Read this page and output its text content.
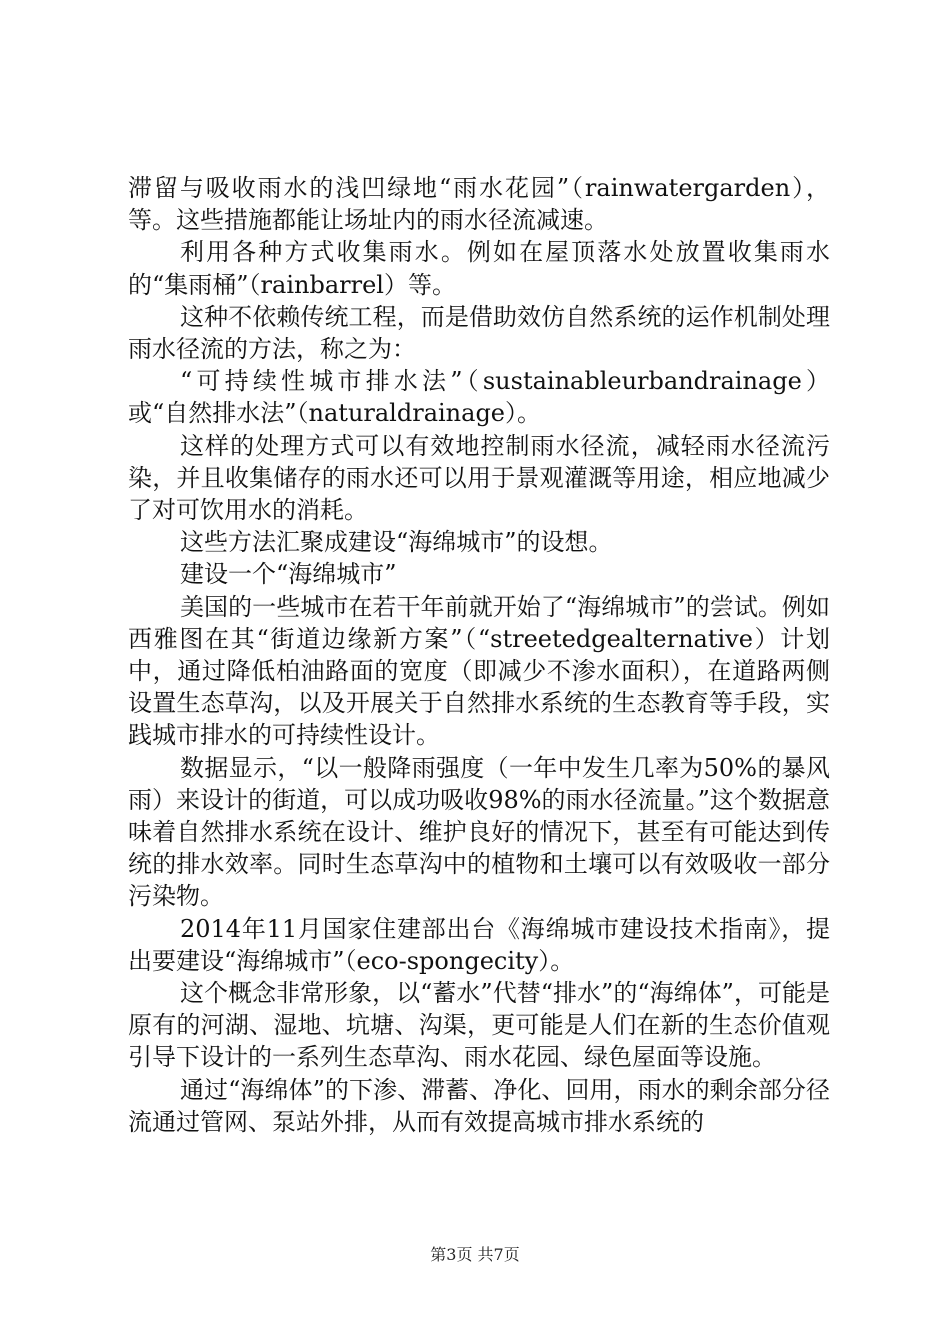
滞留与吸收雨水的浅凹绿地“雨水花园”（rainwatergarden），等。这些措施都能让场址内的雨水径流减速。

利用各种方式收集雨水。例如在屋顶落水处放置收集雨水的“集雨桶”（rainbarrel）等。

这种不依赖传统工程，而是借助效仿自然系统的运作机制处理雨水径流的方法，称之为：

“可持续性城市排水法”（sustainableurbandrainage）或“自然排水法”（naturaldrainage）。

这样的处理方式可以有效地控制雨水径流，减轻雨水径流污染，并且收集储存的雨水还可以用于景观灌溉等用途，相应地减少了对可饮用水的消耗。

这些方法汇聚成建设“海绵城市”的设想。

建设一个“海绵城市”

美国的一些城市在若干年前就开始了“海绵城市”的尝试。例如西雅图在其“街道边缘新方案”（“streetedgealternative）计划中，通过降低柏油路面的宽度（即减少不渗水面积），在道路两侧设置生态草沟，以及开展关于自然排水系统的生态教育等手段，实践城市排水的可持续性设计。

数据显示，“以一般降雨强度（一年中发生几率为50%的暴风雨）来设计的街道，可以成功吸收98%的雨水径流量。”这个数据意味着自然排水系统在设计、维护良好的情况下，甚至有可能达到传统的排水效率。同时生态草沟中的植物和土壤可以有效吸收一部分污染物。

2014年11月国家住建部出台《海绵城市建设技术指南》，提出要建设“海绵城市”（eco-spongecity）。

这个概念非常形象，以“蓄水”代替“排水”的“海绵体”，可能是原有的河湖、湿地、坑塘、沟渠，更可能是人们在新的生态价值观引导下设计的一系列生态草沟、雨水花园、绿色屋面等设施。

通过“海绵体”的下渗、滞蓄、净化、回用，雨水的剩余部分径流通过管网、泵站外排，从而有效提高城市排水系统的

第3页 共7页
